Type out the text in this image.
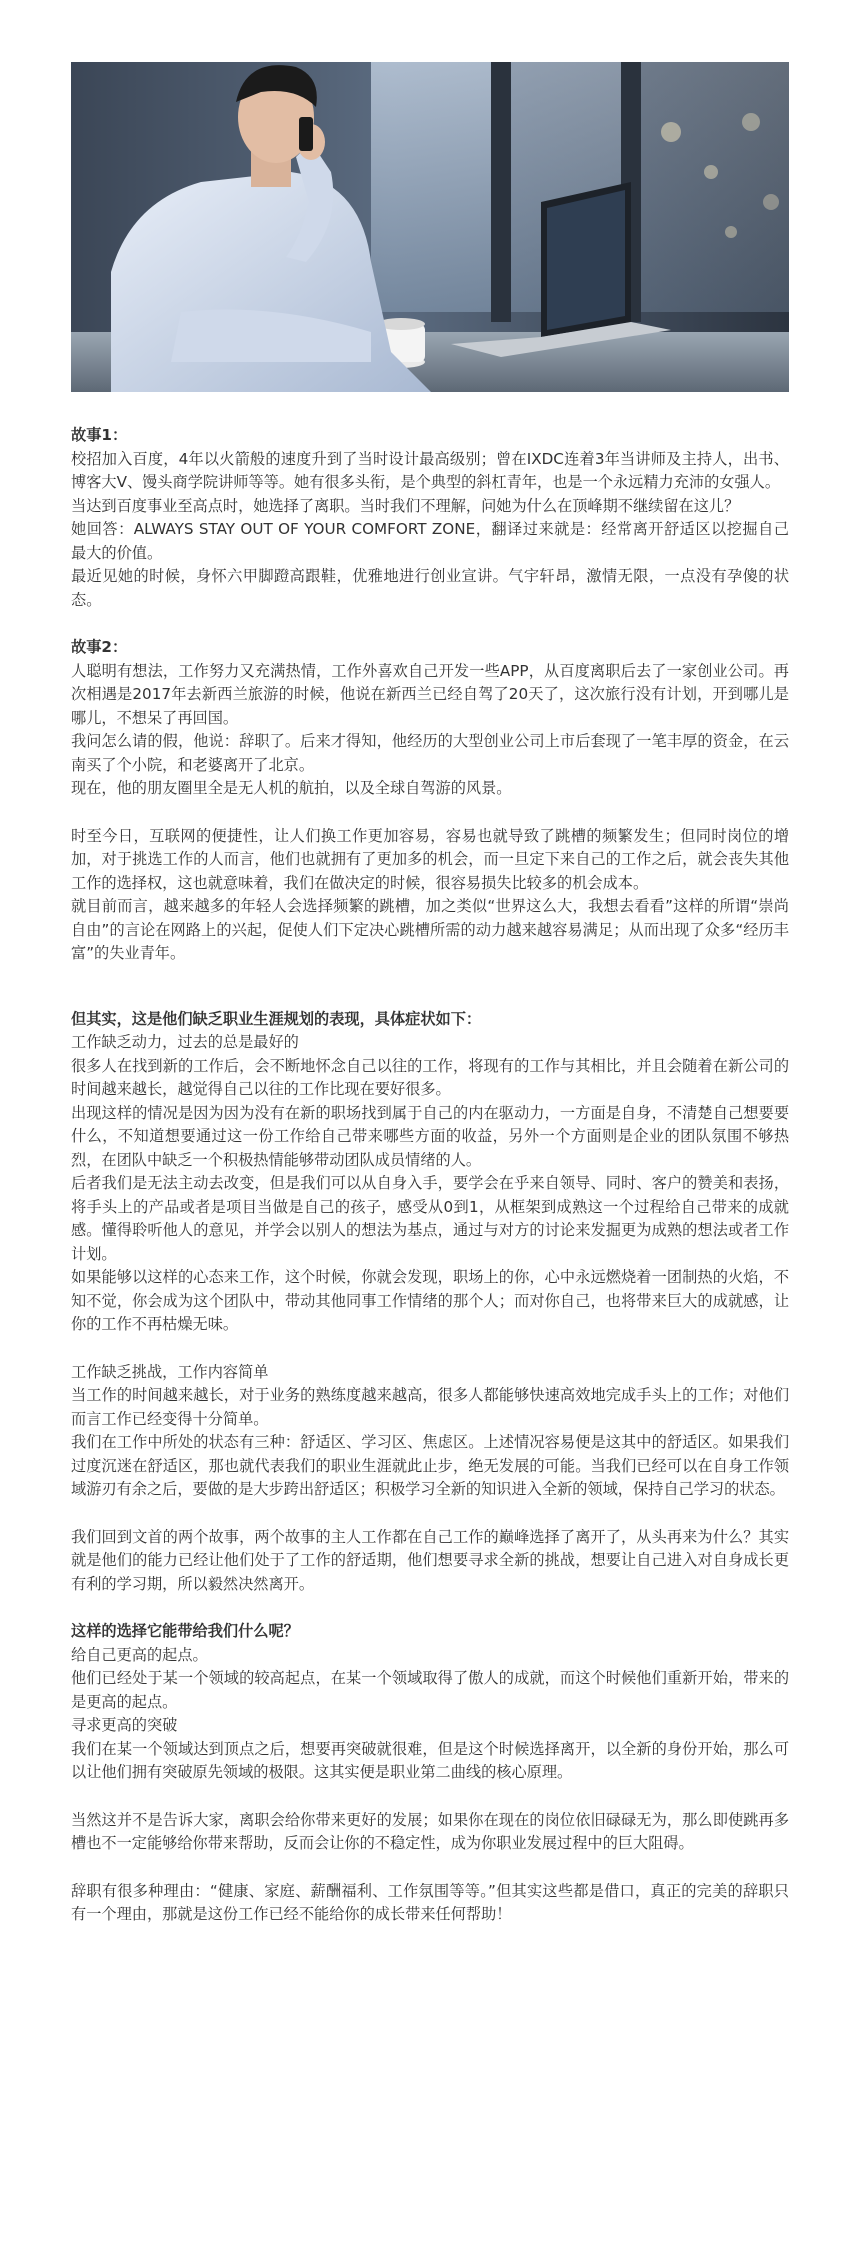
故事1：

校招加入百度，4年以火箭般的速度升到了当时设计最高级别；曾在IXDC连着3年当讲师及主持人，出书、博客大V、馒头商学院讲师等等。她有很多头衔，是个典型的斜杠青年，也是一个永远精力充沛的女强人。

当达到百度事业至高点时，她选择了离职。当时我们不理解，问她为什么在顶峰期不继续留在这儿？

她回答：ALWAYS STAY OUT OF YOUR COMFORT ZONE，翻译过来就是：经常离开舒适区以挖掘自己最大的价值。

最近见她的时候，身怀六甲脚蹬高跟鞋，优雅地进行创业宣讲。气宇轩昂，激情无限，一点没有孕傻的状态。

故事2：

人聪明有想法，工作努力又充满热情，工作外喜欢自己开发一些APP，从百度离职后去了一家创业公司。再次相遇是2017年去新西兰旅游的时候，他说在新西兰已经自驾了20天了，这次旅行没有计划，开到哪儿是哪儿，不想呆了再回国。

我问怎么请的假，他说：辞职了。后来才得知，他经历的大型创业公司上市后套现了一笔丰厚的资金，在云南买了个小院，和老婆离开了北京。

现在，他的朋友圈里全是无人机的航拍，以及全球自驾游的风景。

时至今日，互联网的便捷性，让人们换工作更加容易，容易也就导致了跳槽的频繁发生；但同时岗位的增加，对于挑选工作的人而言，他们也就拥有了更加多的机会，而一旦定下来自己的工作之后，就会丧失其他工作的选择权，这也就意味着，我们在做决定的时候，很容易损失比较多的机会成本。

就目前而言，越来越多的年轻人会选择频繁的跳槽，加之类似“世界这么大，我想去看看”这样的所谓“崇尚自由”的言论在网路上的兴起，促使人们下定决心跳槽所需的动力越来越容易满足；从而出现了众多“经历丰富”的失业青年。

但其实，这是他们缺乏职业生涯规划的表现，具体症状如下：

工作缺乏动力，过去的总是最好的

很多人在找到新的工作后，会不断地怀念自己以往的工作，将现有的工作与其相比，并且会随着在新公司的时间越来越长，越觉得自己以往的工作比现在要好很多。

出现这样的情况是因为因为没有在新的职场找到属于自己的内在驱动力，一方面是自身，不清楚自己想要要什么，不知道想要通过这一份工作给自己带来哪些方面的收益，另外一个方面则是企业的团队氛围不够热烈，在团队中缺乏一个积极热情能够带动团队成员情绪的人。

后者我们是无法主动去改变，但是我们可以从自身入手，要学会在乎来自领导、同时、客户的赞美和表扬，将手头上的产品或者是项目当做是自己的孩子，感受从0到1，从框架到成熟这一个过程给自己带来的成就感。懂得聆听他人的意见，并学会以别人的想法为基点，通过与对方的讨论来发掘更为成熟的想法或者工作计划。

如果能够以这样的心态来工作，这个时候，你就会发现，职场上的你，心中永远燃烧着一团制热的火焰，不知不觉，你会成为这个团队中，带动其他同事工作情绪的那个人；而对你自己，也将带来巨大的成就感，让你的工作不再枯燥无味。

工作缺乏挑战，工作内容简单

当工作的时间越来越长，对于业务的熟练度越来越高，很多人都能够快速高效地完成手头上的工作；对他们而言工作已经变得十分简单。

我们在工作中所处的状态有三种：舒适区、学习区、焦虑区。上述情况容易便是这其中的舒适区。如果我们过度沉迷在舒适区，那也就代表我们的职业生涯就此止步，绝无发展的可能。当我们已经可以在自身工作领域游刃有余之后，要做的是大步跨出舒适区；积极学习全新的知识进入全新的领域，保持自己学习的状态。

我们回到文首的两个故事，两个故事的主人工作都在自己工作的巅峰选择了离开了，从头再来为什么？其实就是他们的能力已经让他们处于了工作的舒适期，他们想要寻求全新的挑战，想要让自己进入对自身成长更有利的学习期，所以毅然决然离开。

这样的选择它能带给我们什么呢？

给自己更高的起点。

他们已经处于某一个领域的较高起点，在某一个领域取得了傲人的成就，而这个时候他们重新开始，带来的是更高的起点。

寻求更高的突破

我们在某一个领域达到顶点之后，想要再突破就很难，但是这个时候选择离开，以全新的身份开始，那么可以让他们拥有突破原先领域的极限。这其实便是职业第二曲线的核心原理。

当然这并不是告诉大家，离职会给你带来更好的发展；如果你在现在的岗位依旧碌碌无为，那么即使跳再多槽也不一定能够给你带来帮助，反而会让你的不稳定性，成为你职业发展过程中的巨大阻碍。

辞职有很多种理由：“健康、家庭、薪酬福利、工作氛围等等。”但其实这些都是借口，真正的完美的辞职只有一个理由，那就是这份工作已经不能给你的成长带来任何帮助！
